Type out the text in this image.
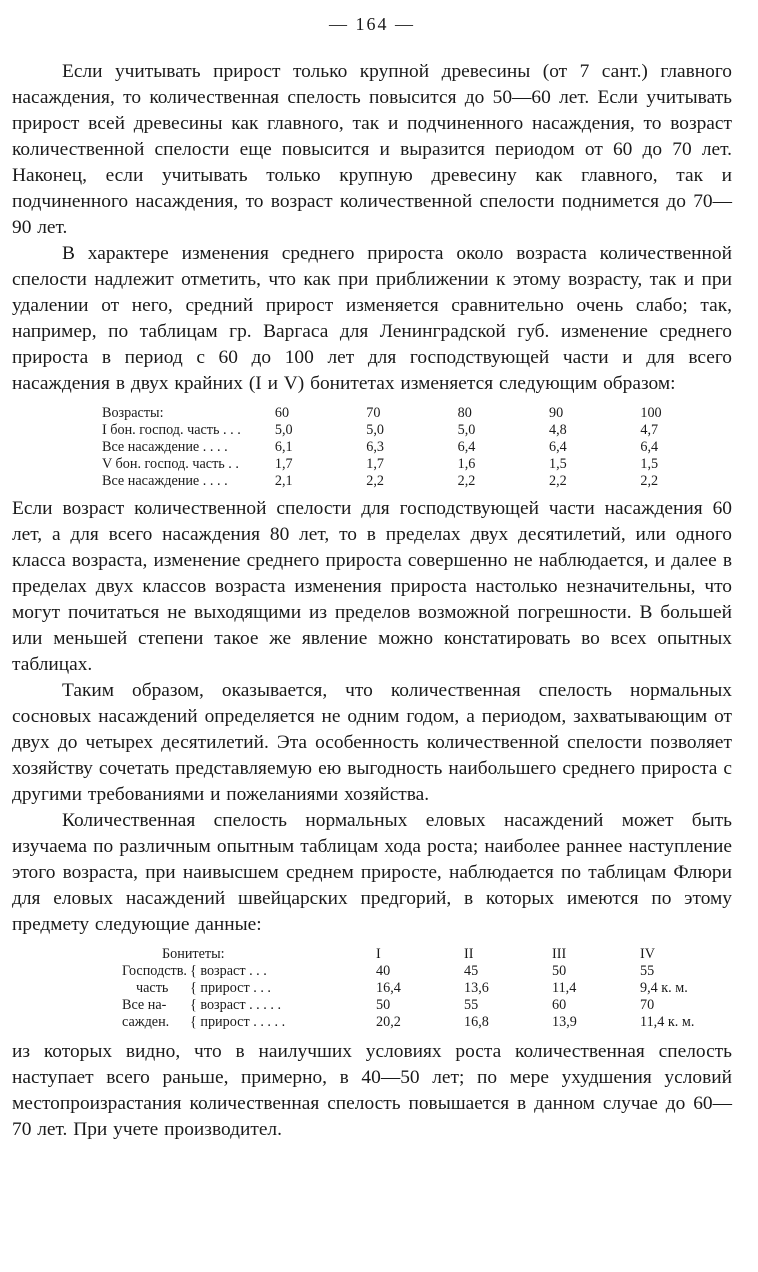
— 164 —

Если учитывать прирост только крупной древесины (от 7 сант.) главного насаждения, то количественная спелость повысится до 50—60 лет. Если учитывать прирост всей древесины как главного, так и подчиненного насаждения, то возраст количественной спелости еще повысится и выразится периодом от 60 до 70 лет. Наконец, если учитывать только крупную древесину как главного, так и подчиненного насаждения, то возраст количественной спелости поднимется до 70—90 лет.

В характере изменения среднего прироста около возраста количественной спелости надлежит отметить, что как при приближении к этому возрасту, так и при удалении от него, средний прирост изменяется сравнительно очень слабо; так, например, по таблицам гр. Варгаса для Ленинградской губ. изменение среднего прироста в период с 60 до 100 лет для господствующей части и для всего насаждения в двух крайних (I и V) бонитетах изменяется следующим образом:

Возрасты:	60	70	80	90	100
I бон. господ. часть . . .	5,0	5,0	5,0	4,8	4,7
Все насаждение . . . .	6,1	6,3	6,4	6,4	6,4
V бон. господ. часть . .	1,7	1,7	1,6	1,5	1,5
Все насаждение . . . .	2,1	2,2	2,2	2,2	2,2

Если возраст количественной спелости для господствующей части насаждения 60 лет, а для всего насаждения 80 лет, то в пределах двух десятилетий, или одного класса возраста, изменение среднего прироста совершенно не наблюдается, и далее в пределах двух классов возраста изменения прироста настолько незначительны, что могут почитаться не выходящими из пределов возможной погрешности. В большей или меньшей степени такое же явление можно констатировать во всех опытных таблицах.

Таким образом, оказывается, что количественная спелость нормальных сосновых насаждений определяется не одним годом, а периодом, захватывающим от двух до четырех десятилетий. Эта особенность количественной спелости позволяет хозяйству сочетать представляемую ею выгодность наибольшего среднего прироста с другими требованиями и пожеланиями хозяйства.

Количественная спелость нормальных еловых насаждений может быть изучаема по различным опытным таблицам хода роста; наиболее раннее наступление этого возраста, при наивысшем среднем приросте, наблюдается по таблицам Флюри для еловых насаждений швейцарских предгорий, в которых имеются по этому предмету следующие данные:

Бонитеты:		I	II	III	IV
Господств.	{ возраст . . .	40	45	50	55
часть	{ прирост . . .	16,4	13,6	11,4	9,4 к. м.
Все на-	{ возраст . . . . .	50	55	60	70
сажден.	{ прирост . . . . .	20,2	16,8	13,9	11,4 к. м.

из которых видно, что в наилучших условиях роста количественная спелость наступает всего раньше, примерно, в 40—50 лет; по мере ухудшения условий местопроизрастания количественная спелость повышается в данном случае до 60—70 лет. При учете производител.
